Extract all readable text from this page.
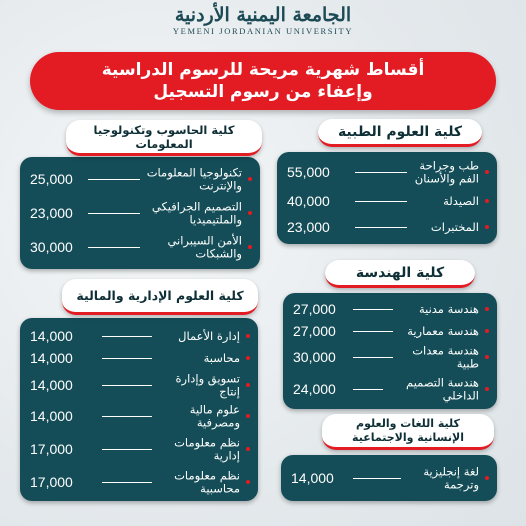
الجامعة اليمنية الأردنية
YEMENI JORDANIAN UNIVERSITY
أقساط شهرية مريحة للرسوم الدراسية
وإعفاء من رسوم التسجيل
كلية العلوم الطبية
55,000	طب وجراحة الفم والأسنان
40,000	الصيدلة
23,000	المختبرات
كلية الحاسوب وتكنولوجيا المعلومات
25,000	تكنولوجيا المعلومات والإنترنت
23,000	التصميم الجرافيكي والملتيميديا
30,000	الأمن السيبراني والشبكات
كلية الهندسة
27,000	هندسة مدنية
27,000	هندسة معمارية
30,000	هندسة معدات طبية
24,000	هندسة التصميم الداخلي
كلية العلوم الإدارية والمالية
14,000	إدارة الأعمال
14,000	محاسبة
14,000	تسويق وإدارة إنتاج
14,000	علوم مالية ومصرفية
17,000	نظم معلومات إدارية
17,000	نظم معلومات محاسبية
كلية اللغات والعلوم الإنسانية والاجتماعية
14,000	لغة إنجليزية وترجمة
